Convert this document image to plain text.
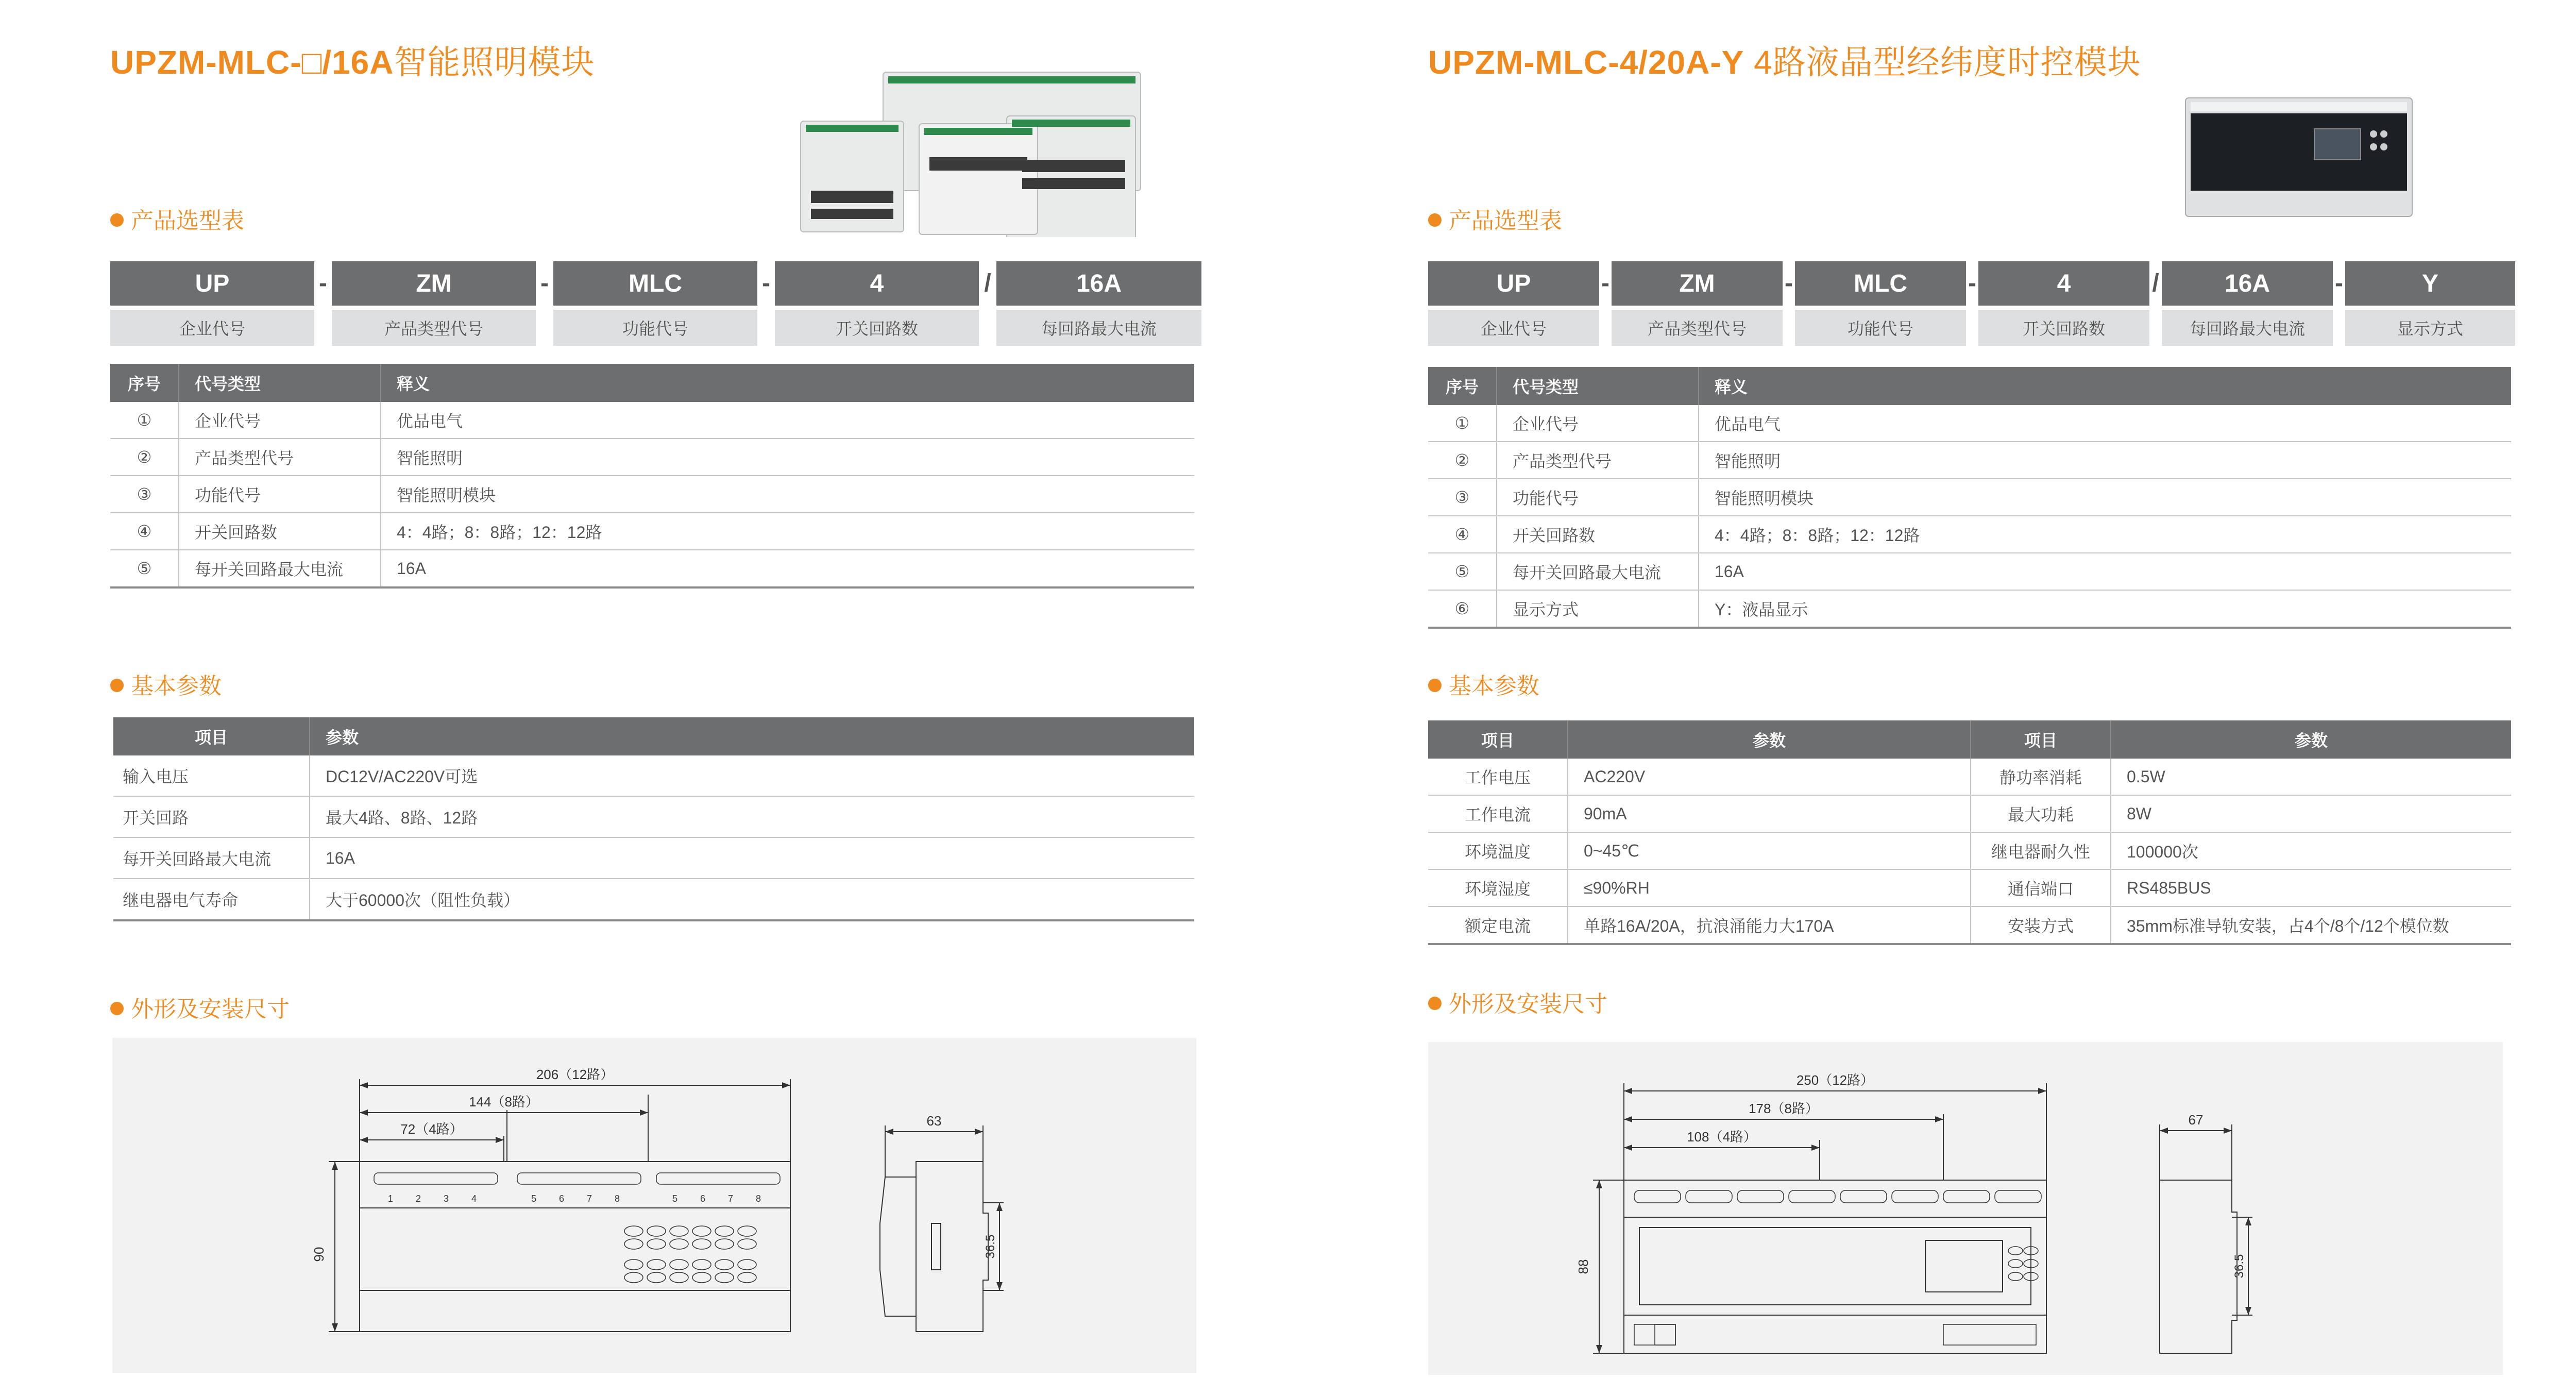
UPZM-MLC-□/16A智能照明模块
产品选型表
UP
企业代号
-	ZM
产品类型代号
-	MLC
功能代号
-	4
开关回路数
/	16A
每回路最大电流
序号	代号类型	释义
①	企业代号	优品电气
②	产品类型代号	智能照明
③	功能代号	智能照明模块
④	开关回路数	4：4路；8：8路；12：12路
⑤	每开关回路最大电流	16A
基本参数
项目	参数
输入电压	DC12V/AC220V可选
开关回路	最大4路、8路、12路
每开关回路最大电流	16A
继电器电气寿命	大于60000次（阻性负载）
外形及安装尺寸
206（12路）
144（8路）
72（4路）
90
63
36.5
1 2 3 4	5 6 7 8	5 6 7 8
UPZM-MLC-4/20A-Y 4路液晶型经纬度时控模块
产品选型表
UP
企业代号
-	ZM
产品类型代号
-	MLC
功能代号
-	4
开关回路数
/	16A
每回路最大电流
-	Y
显示方式
序号	代号类型	释义
①	企业代号	优品电气
②	产品类型代号	智能照明
③	功能代号	智能照明模块
④	开关回路数	4：4路；8：8路；12：12路
⑤	每开关回路最大电流	16A
⑥	显示方式	Y：液晶显示
基本参数
项目	参数	项目	参数
工作电压	AC220V	静功率消耗	0.5W
工作电流	90mA	最大功耗	8W
环境温度	0~45℃	继电器耐久性	100000次
环境湿度	≤90%RH	通信端口	RS485BUS
额定电流	单路16A/20A，抗浪涌能力大170A	安装方式	35mm标准导轨安装，占4个/8个/12个模位数
外形及安装尺寸
250（12路）
178（8路）
108（4路）
88
67
36.5
